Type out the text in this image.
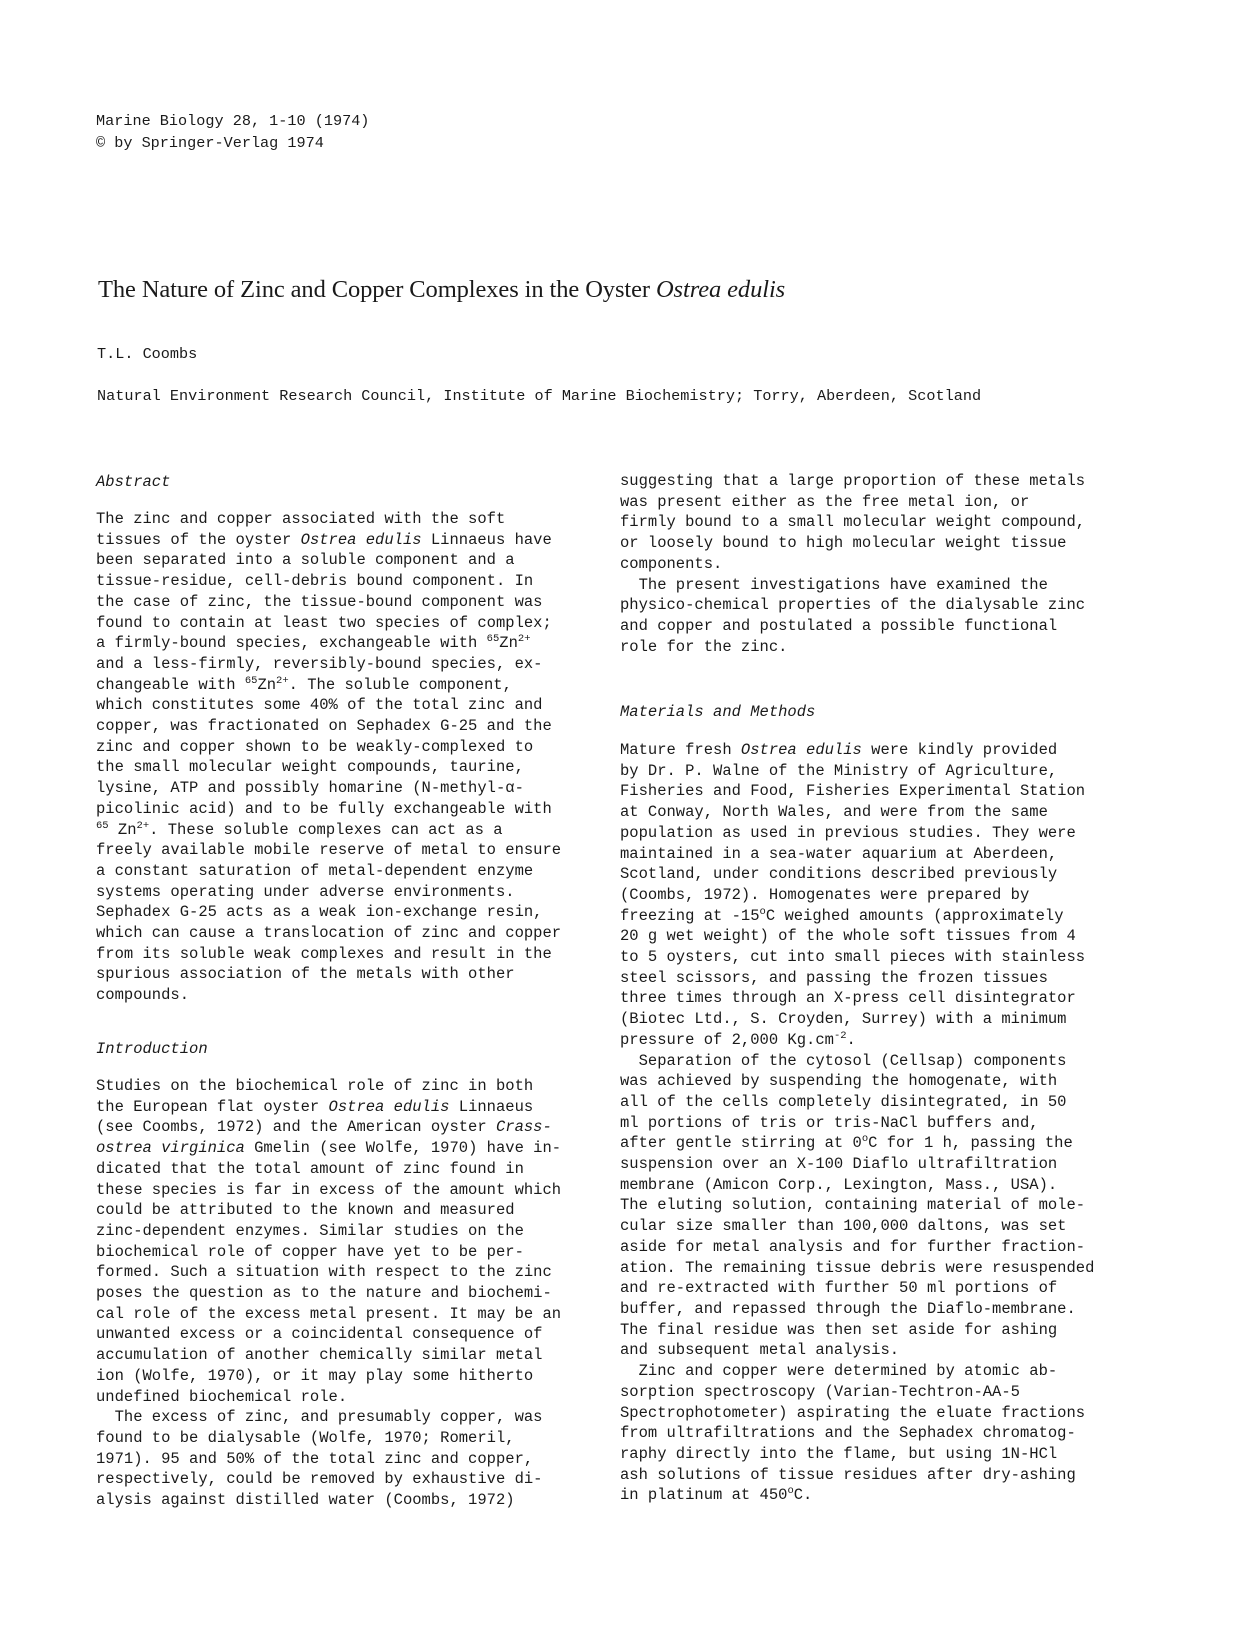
Marine Biology 28, 1-10 (1974)
© by Springer-Verlag 1974
The Nature of Zinc and Copper Complexes in the Oyster Ostrea edulis
T.L. Coombs
Natural Environment Research Council, Institute of Marine Biochemistry; Torry, Aberdeen, Scotland

Abstract

The zinc and copper associated with the soft

tissues of the oyster Ostrea edulis Linnaeus have

been separated into a soluble component and a

tissue-residue, cell-debris bound component. In

the case of zinc, the tissue-bound component was

found to contain at least two species of complex;

a firmly-bound species, exchangeable with $^{65}Zn^{2+}$

and a less-firmly, reversibly-bound species, ex-

changeable with $^{65}Zn^{2+}$. The soluble component,

which constitutes some 40% of the total zinc and

copper, was fractionated on Sephadex G-25 and the

zinc and copper shown to be weakly-complexed to

the small molecular weight compounds, taurine,

lysine, ATP and possibly homarine (N-methyl-α-

picolinic acid) and to be fully exchangeable with

$^{65}$ $Zn^{2+}$. These soluble complexes can act as a

freely available mobile reserve of metal to ensure

a constant saturation of metal-dependent enzyme

systems operating under adverse environments.

Sephadex G-25 acts as a weak ion-exchange resin,

which can cause a translocation of zinc and copper

from its soluble weak complexes and result in the

spurious association of the metals with other

compounds.

Introduction

Studies on the biochemical role of zinc in both

the European flat oyster Ostrea edulis Linnaeus

(see Coombs, 1972) and the American oyster Crass-

ostrea virginica Gmelin (see Wolfe, 1970) have in-

dicated that the total amount of zinc found in

these species is far in excess of the amount which

could be attributed to the known and measured

zinc-dependent enzymes. Similar studies on the

biochemical role of copper have yet to be per-

formed. Such a situation with respect to the zinc

poses the question as to the nature and biochemi-

cal role of the excess metal present. It may be an

unwanted excess or a coincidental consequence of

accumulation of another chemically similar metal

ion (Wolfe, 1970), or it may play some hitherto

undefined biochemical role.

The excess of zinc, and presumably copper, was

found to be dialysable (Wolfe, 1970; Romeril,

1971). 95 and 50% of the total zinc and copper,

respectively, could be removed by exhaustive di-

alysis against distilled water (Coombs, 1972)

suggesting that a large proportion of these metals

was present either as the free metal ion, or

firmly bound to a small molecular weight compound,

or loosely bound to high molecular weight tissue

components.

The present investigations have examined the

physico-chemical properties of the dialysable zinc

and copper and postulated a possible functional

role for the zinc.

Materials and Methods

Mature fresh Ostrea edulis were kindly provided

by Dr. P. Walne of the Ministry of Agriculture,

Fisheries and Food, Fisheries Experimental Station

at Conway, North Wales, and were from the same

population as used in previous studies. They were

maintained in a sea-water aquarium at Aberdeen,

Scotland, under conditions described previously

(Coombs, 1972). Homogenates were prepared by

freezing at -15$^o$C weighed amounts (approximately

20 g wet weight) of the whole soft tissues from 4

to 5 oysters, cut into small pieces with stainless

steel scissors, and passing the frozen tissues

three times through an X-press cell disintegrator

(Biotec Ltd., S. Croyden, Surrey) with a minimum

pressure of 2,000 $Kg.cm^{-2}$.

Separation of the cytosol (Cellsap) components

was achieved by suspending the homogenate, with

all of the cells completely disintegrated, in 50

ml portions of tris or tris-NaCl buffers and,

after gentle stirring at 0$^o$C for 1 h, passing the

suspension over an X-100 Diaflo ultrafiltration

membrane (Amicon Corp., Lexington, Mass., USA).

The eluting solution, containing material of mole-

cular size smaller than 100,000 daltons, was set

aside for metal analysis and for further fraction-

ation. The remaining tissue debris were resuspended

and re-extracted with further 50 ml portions of

buffer, and repassed through the Diaflo-membrane.

The final residue was then set aside for ashing

and subsequent metal analysis.

Zinc and copper were determined by atomic ab-

sorption spectroscopy (Varian-Techtron-AA-5

Spectrophotometer) aspirating the eluate fractions

from ultrafiltrations and the Sephadex chromatog-

raphy directly into the flame, but using 1N-HCl

ash solutions of tissue residues after dry-ashing

in platinum at 450$^o$C.
